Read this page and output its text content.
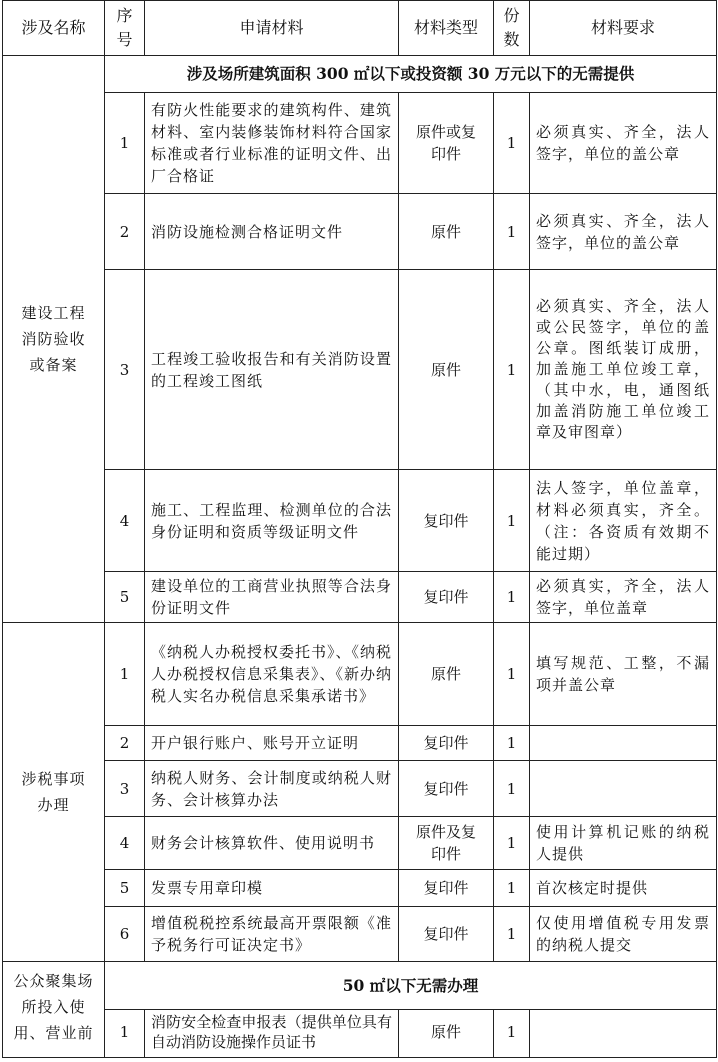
涉及名称	序号	申请材料	材料类型	份数	材料要求
建设工程消防验收或备案	涉及场所建筑面积 300 ㎡以下或投资额 30 万元以下的无需提供				
	1	有防火性能要求的建筑构件、建筑材料、室内装修装饰材料符合国家标准或者行业标准的证明文件、出厂合格证	原件或复印件	1	必须真实、齐全，法人签字，单位的盖公章
	2	消防设施检测合格证明文件	原件	1	必须真实、齐全，法人签字，单位的盖公章
	3	工程竣工验收报告和有关消防设置的工程竣工图纸	原件	1	必须真实、齐全，法人或公民签字，单位的盖公章。图纸装订成册，加盖施工单位竣工章，（其中水，电，通图纸加盖消防施工单位竣工章及审图章）
	4	施工、工程监理、检测单位的合法身份证明和资质等级证明文件	复印件	1	法人签字，单位盖章，材料必须真实，齐全。（注：各资质有效期不能过期）
	5	建设单位的工商营业执照等合法身份证明文件	复印件	1	必须真实，齐全，法人签字，单位盖章
涉税事项办理	1	《纳税人办税授权委托书》、《纳税人办税授权信息采集表》、《新办纳税人实名办税信息采集承诺书》	原件	1	填写规范、工整，不漏项并盖公章
	2	开户银行账户、账号开立证明	复印件	1	
	3	纳税人财务、会计制度或纳税人财务、会计核算办法	复印件	1	
	4	财务会计核算软件、使用说明书	原件及复印件	1	使用计算机记账的纳税人提供
	5	发票专用章印模	复印件	1	首次核定时提供
	6	增值税税控系统最高开票限额《准予税务行可证决定书》	复印件	1	仅使用增值税专用发票的纳税人提交
公众聚集场所投入使用、营业前	50 ㎡以下无需办理				
	1	消防安全检查申报表（提供单位具有自动消防设施操作员证书	原件	1	
